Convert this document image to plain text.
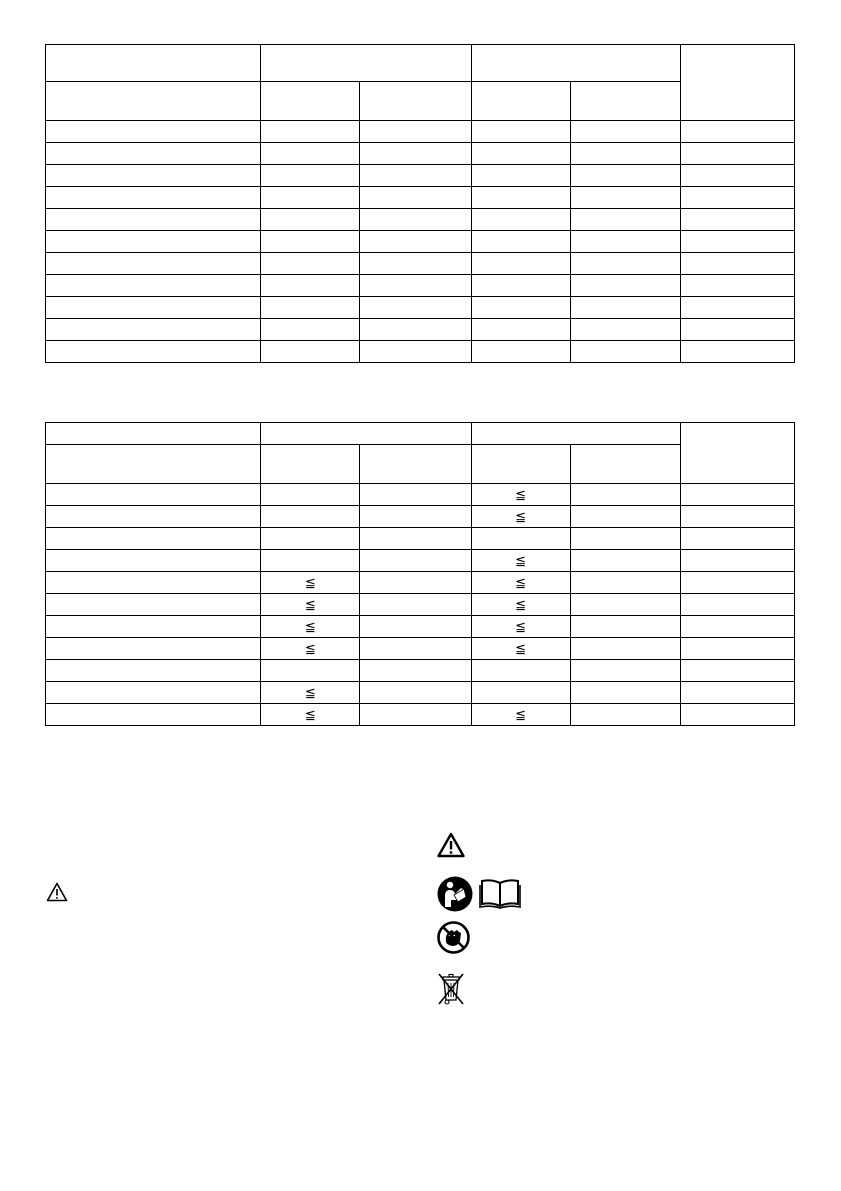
			≦		
			≦		

			≦		
	≦		≦		
	≦		≦		
	≦		≦		
	≦		≦		

	≦				
	≦		≦		
